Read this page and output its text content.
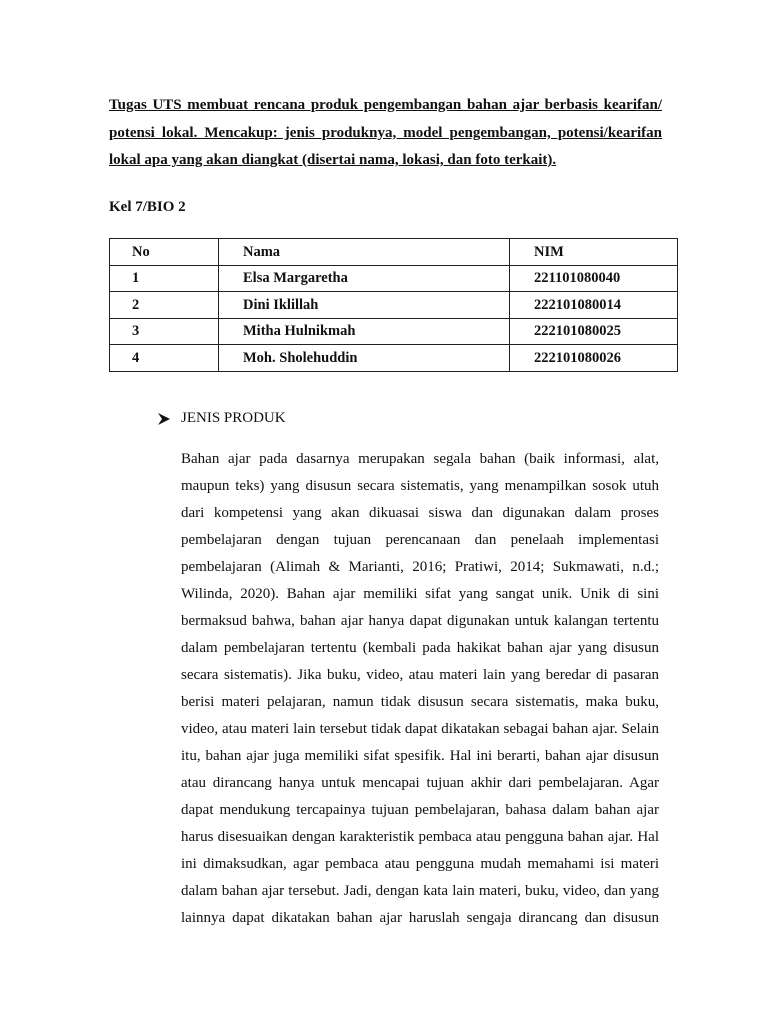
Tugas UTS membuat rencana produk pengembangan bahan ajar berbasis kearifan/
potensi lokal. Mencakup: jenis produknya, model pengembangan, potensi/kearifan
lokal apa yang akan diangkat (disertai nama, lokasi, dan foto terkait).
Kel 7/BIO 2
No	Nama	NIM
1	Elsa Margaretha	221101080040
2	Dini Iklillah	222101080014
3	Mitha Hulnikmah	222101080025
4	Moh. Sholehuddin	222101080026
JENIS PRODUK
Bahan ajar pada dasarnya merupakan segala bahan (baik informasi, alat,
maupun teks) yang disusun secara sistematis, yang menampilkan sosok utuh
dari kompetensi yang akan dikuasai siswa dan digunakan dalam proses
pembelajaran dengan tujuan perencanaan dan penelaah implementasi
pembelajaran (Alimah & Marianti, 2016; Pratiwi, 2014; Sukmawati, n.d.;
Wilinda, 2020). Bahan ajar memiliki sifat yang sangat unik. Unik di sini
bermaksud bahwa, bahan ajar hanya dapat digunakan untuk kalangan tertentu
dalam pembelajaran tertentu (kembali pada hakikat bahan ajar yang disusun
secara sistematis). Jika buku, video, atau materi lain yang beredar di pasaran
berisi materi pelajaran, namun tidak disusun secara sistematis, maka buku,
video, atau materi lain tersebut tidak dapat dikatakan sebagai bahan ajar. Selain
itu, bahan ajar juga memiliki sifat spesifik. Hal ini berarti, bahan ajar disusun
atau dirancang hanya untuk mencapai tujuan akhir dari pembelajaran. Agar
dapat mendukung tercapainya tujuan pembelajaran, bahasa dalam bahan ajar
harus disesuaikan dengan karakteristik pembaca atau pengguna bahan ajar. Hal
ini dimaksudkan, agar pembaca atau pengguna mudah memahami isi materi
dalam bahan ajar tersebut. Jadi, dengan kata lain materi, buku, video, dan yang
lainnya dapat dikatakan bahan ajar haruslah sengaja dirancang dan disusun
